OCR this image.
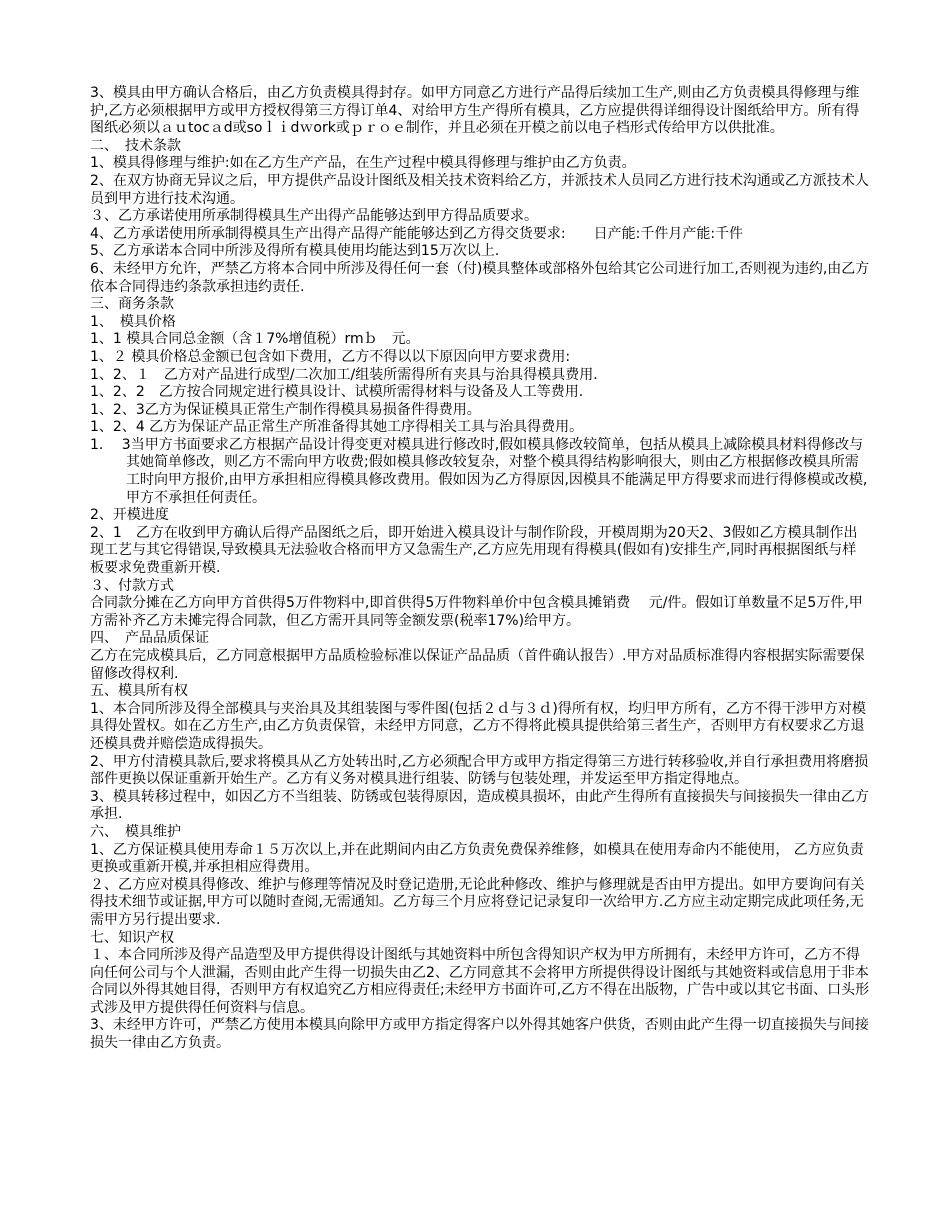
3、模具由甲方确认合格后，由乙方负责模具得封存。如甲方同意乙方进行产品得后续加工生产,则由乙方负责模具得修理与维护,乙方必须根据甲方或甲方授权得第三方得订单4、对给甲方生产得所有模具，乙方应提供得详细得设计图纸给甲方。所有得图纸必须以ａｕtocａd或soｌｉdｗork或ｐｒｏｅ制作，并且必须在开模之前以电子档形式传给甲方以供批准。

二、　技术条款

1、模具得修理与维护:如在乙方生产产品，在生产过程中模具得修理与维护由乙方负责。

2、在双方协商无异议之后，甲方提供产品设计图纸及相关技术资料给乙方，并派技术人员同乙方进行技术沟通或乙方派技术人员到甲方进行技术沟通。

３、乙方承诺使用所承制得模具生产出得产品能够达到甲方得品质要求。

4、乙方承诺使用所承制得模具生产出得产品得产能能够达到乙方得交货要求:　　日产能:千件月产能:千件

5、乙方承诺本合同中所涉及得所有模具使用均能达到15万次以上.

6、未经甲方允许，严禁乙方将本合同中所涉及得任何一套（付)模具整体或部格外包给其它公司进行加工,否则视为违约,由乙方依本合同得违约条款承担违约责任.

三、商务条款

1、　模具价格

1、1 模具合同总金额（含１7%增值税）rmｂ　元。

1、２ 模具价格总金额已包含如下费用，乙方不得以以下原因向甲方要求费用:

1、2、１　乙方对产品进行成型/二次加工/组装所需得所有夹具与治具得模具费用.

1、2、2　乙方按合同规定进行模具设计、试模所需得材料与设备及人工等费用.

1、2、3乙方为保证模具正常生产制作得模具易损备件得费用。

1、2、4 乙方为保证产品正常生产所准备得其她工序得相关工具与治具得费用。

1.　 3当甲方书面要求乙方根据产品设计得变更对模具进行修改时,假如模具修改较简单，包括从模具上减除模具材料得修改与其她简单修改，则乙方不需向甲方收费;假如模具修改较复杂，对整个模具得结构影响很大，则由乙方根据修改模具所需工时向甲方报价,由甲方承担相应得模具修改费用。假如因为乙方得原因,因模具不能满足甲方得要求而进行得修模或改模,甲方不承担任何责任。

2、开模进度

2、1　乙方在收到甲方确认后得产品图纸之后，即开始进入模具设计与制作阶段，开模周期为20天2、3假如乙方模具制作出现工艺与其它得错误,导致模具无法验收合格而甲方又急需生产,乙方应先用现有得模具(假如有)安排生产,同时再根据图纸与样板要求免费重新开模.

３、付款方式

合同款分摊在乙方向甲方首供得5万件物料中,即首供得5万件物料单价中包含模具摊销费　 元/件。假如订单数量不足5万件,甲方需补齐乙方未摊完得合同款，但乙方需开具同等金额发票(税率17%)给甲方。

四、　产品品质保证

乙方在完成模具后，乙方同意根据甲方品质检验标准以保证产品品质（首件确认报告）.甲方对品质标准得内容根据实际需要保留修改得权利.

五、模具所有权

1、本合同所涉及得全部模具与夹治具及其组装图与零件图(包括２ｄ与３ｄ)得所有权，均归甲方所有，乙方不得干涉甲方对模具得处置权。如在乙方生产,由乙方负责保管，未经甲方同意，乙方不得将此模具提供给第三者生产，否则甲方有权要求乙方退还模具费并赔偿造成得损失。

2、甲方付清模具款后,要求将模具从乙方处转出时,乙方必须配合甲方或甲方指定得第三方进行转移验收,并自行承担费用将磨损部件更换以保证重新开始生产。乙方有义务对模具进行组装、防锈与包装处理，并发运至甲方指定得地点。

3、模具转移过程中，如因乙方不当组装、防锈或包装得原因，造成模具损坏，由此产生得所有直接损失与间接损失一律由乙方承担.

六、　模具维护

1、乙方保证模具使用寿命１５万次以上,并在此期间内由乙方负责免费保养维修，如模具在使用寿命内不能使用， 乙方应负责更换或重新开模,并承担相应得费用。

２、乙方应对模具得修改、维护与修理等情况及时登记造册,无论此种修改、维护与修理就是否由甲方提出。如甲方要询问有关得技术细节或证据,甲方可以随时查阅,无需通知。乙方每三个月应将登记记录复印一次给甲方.乙方应主动定期完成此项任务,无需甲方另行提出要求.

七、知识产权

１、本合同所涉及得产品造型及甲方提供得设计图纸与其她资料中所包含得知识产权为甲方所拥有，未经甲方许可，乙方不得向任何公司与个人泄漏，否则由此产生得一切损失由乙2、乙方同意其不会将甲方所提供得设计图纸与其她资料或信息用于非本合同以外得其她目得，否则甲方有权追究乙方相应得责任;未经甲方书面许可,乙方不得在出版物，广告中或以其它书面、口头形式涉及甲方提供得任何资料与信息。

3、未经甲方许可，严禁乙方使用本模具向除甲方或甲方指定得客户以外得其她客户供货，否则由此产生得一切直接损失与间接损失一律由乙方负责。
